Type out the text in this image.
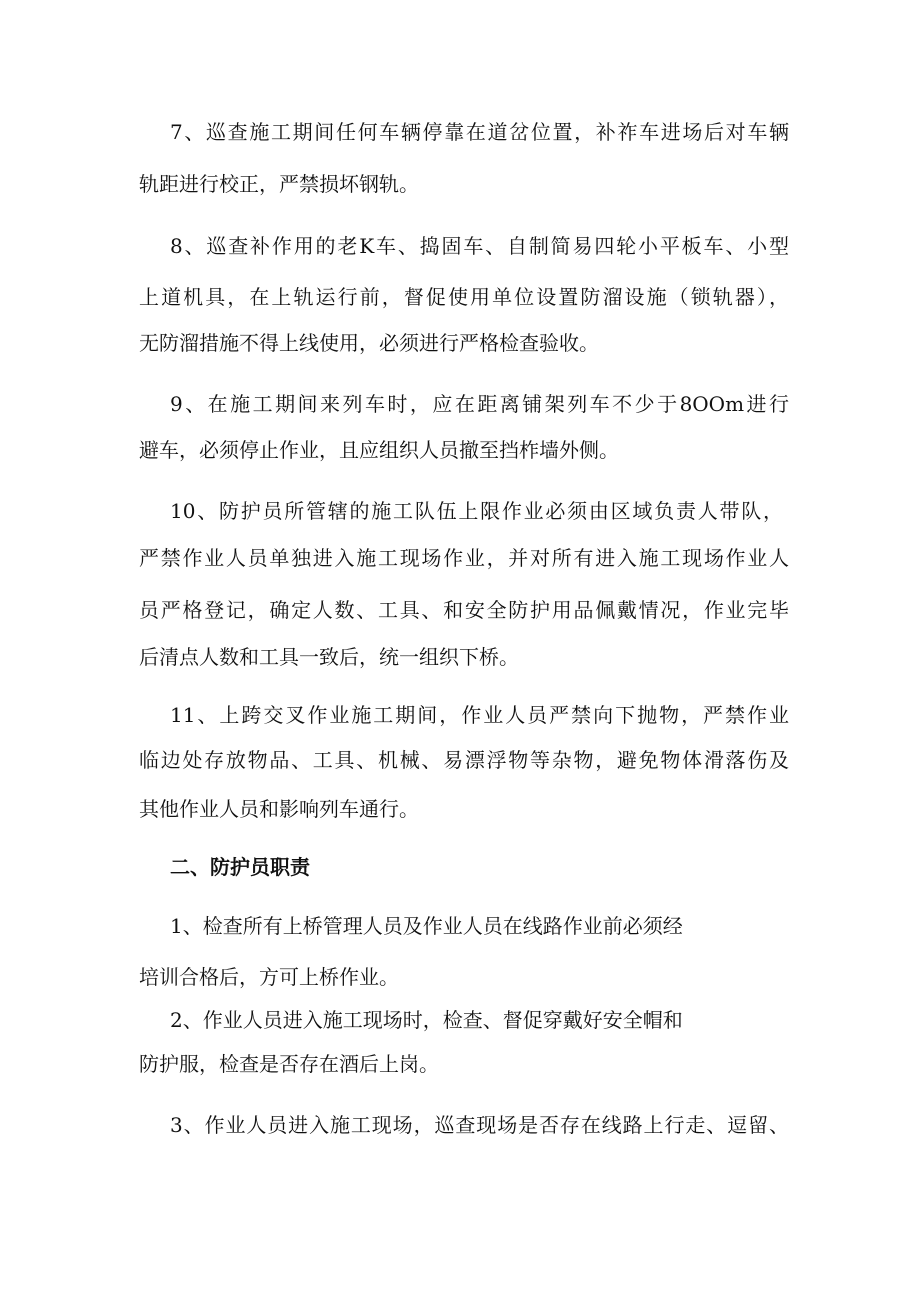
7、巡查施工期间任何车辆停靠在道岔位置，补祚车进场后对车辆
轨距进行校正，严禁损坏钢轨。
8、巡查补作用的老K车、捣固车、自制简易四轮小平板车、小型
上道机具，在上轨运行前，督促使用单位设置防溜设施（锁轨器），
无防溜措施不得上线使用，必须进行严格检查验收。
9、在施工期间来列车时，应在距离铺架列车不少于8OOm进行
避车，必须停止作业，且应组织人员撤至挡柞墙外侧。
10、防护员所管辖的施工队伍上限作业必须由区域负责人带队，
严禁作业人员单独进入施工现场作业，并对所有进入施工现场作业人
员严格登记，确定人数、工具、和安全防护用品佩戴情况，作业完毕
后清点人数和工具一致后，统一组织下桥。
11、上跨交叉作业施工期间，作业人员严禁向下抛物，严禁作业
临边处存放物品、工具、机械、易漂浮物等杂物，避免物体滑落伤及
其他作业人员和影响列车通行。
二、防护员职责
1、检查所有上桥管理人员及作业人员在线路作业前必须经
培训合格后，方可上桥作业。
2、作业人员进入施工现场时，检查、督促穿戴好安全帽和
防护服，检查是否存在酒后上岗。
3、作业人员进入施工现场，巡查现场是否存在线路上行走、逗留、
